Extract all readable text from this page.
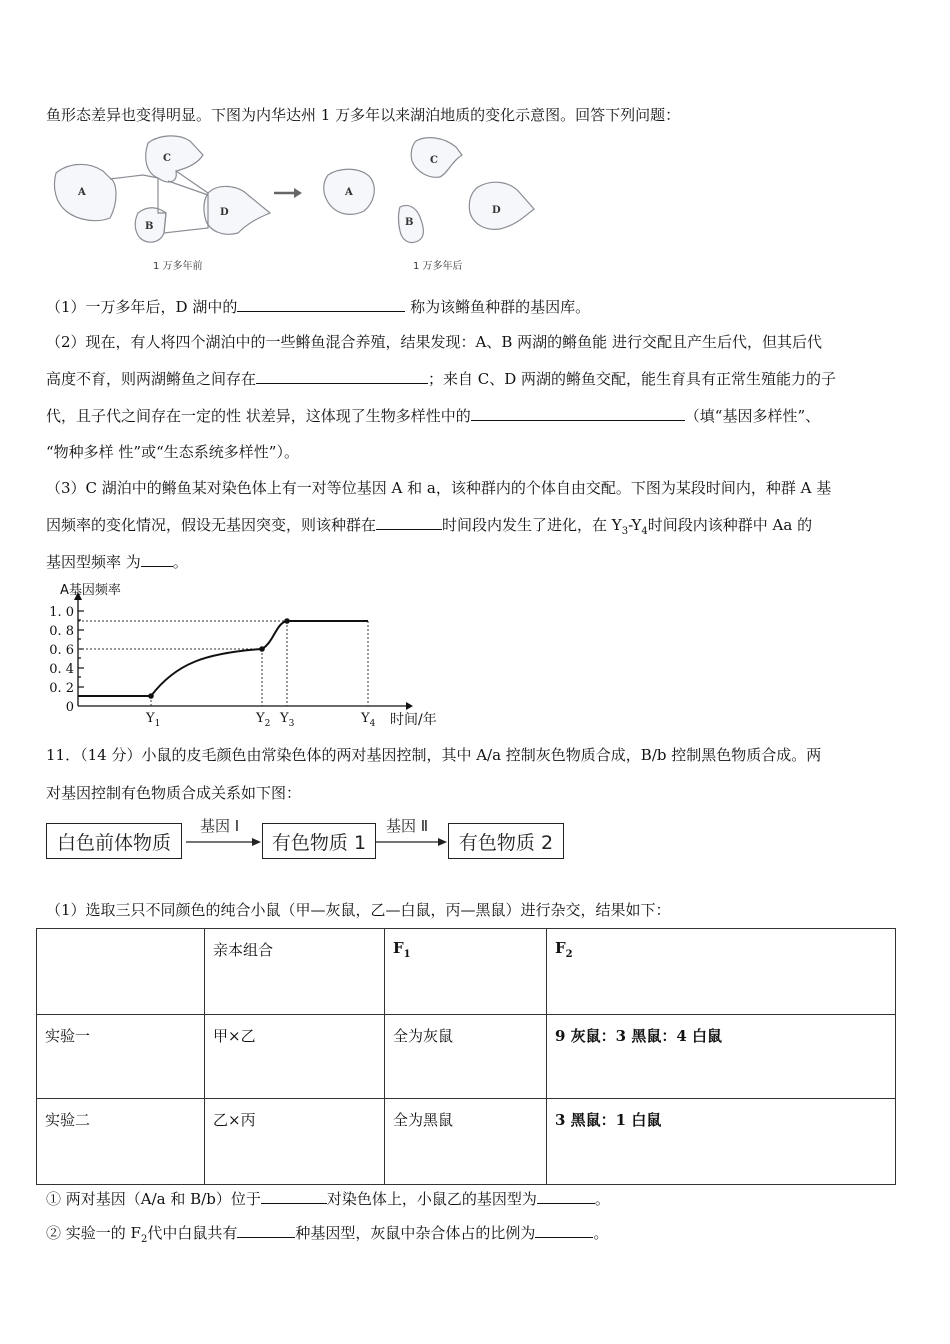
鱼形态差异也变得明显。下图为内华达州 1 万多年以来湖泊地质的变化示意图。回答下列问题：
A
C
B
D
A
C
B
D
1 万多年前	1 万多年后
（1）一万多年后，D 湖中的	称为该鳉鱼种群的基因库。
（2）现在，有人将四个湖泊中的一些鳉鱼混合养殖，结果发现：A、B 两湖的鳉鱼能 进行交配且产生后代，但其后代
高度不育，则两湖鳉鱼之间存在	；来自 C、D 两湖的鳉鱼交配，能生育具有正常生殖能力的子
代，且子代之间存在一定的性 状差异，这体现了生物多样性中的	（填“基因多样性”、
“物种多样 性”或“生态系统多样性”）。
（3）C 湖泊中的鳉鱼某对染色体上有一对等位基因 A 和 a，该种群内的个体自由交配。下图为某段时间内，种群 A 基
因频率的变化情况，假设无基因突变，则该种群在	时间段内发生了进化，在 $Y_3-Y_4$时间段内该种群中 Aa 的
基因型频率 为 。
1. 0
0. 8
0. 6
0. 4
0. 2
0
A基因频率
$Y_1$	$Y_2$ $Y_3$	$Y_4$ 时间/年
11．（14 分）小鼠的皮毛颜色由常染色体的两对基因控制，其中 A/a 控制灰色物质合成，B/b 控制黑色物质合成。两
对基因控制有色物质合成关系如下图：
白色前体物质
基因 Ⅰ
有色物质 1
基因 Ⅱ
有色物质 2
（1）选取三只不同颜色的纯合小鼠（甲—灰鼠，乙—白鼠，丙—黑鼠）进行杂交，结果如下：
	亲本组合	$F_1$	$F_2$
实验一	甲×乙	全为灰鼠	9 灰鼠：3 黑鼠：4 白鼠
实验二	乙×丙	全为黑鼠	3 黑鼠：1 白鼠
① 两对基因（A/a 和 B/b）位于	对染色体上，小鼠乙的基因型为	。
② 实验一的 $F_2$代中白鼠共有	种基因型，灰鼠中杂合体占的比例为	。
